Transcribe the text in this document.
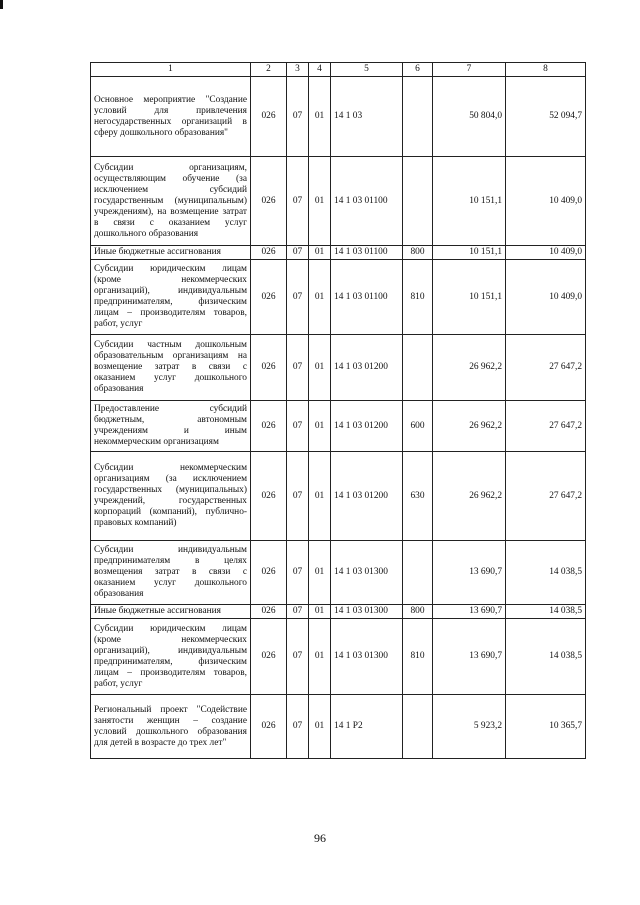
1	2	3	4	5	6	7	8
Основное мероприятие "Создание условий для привлечения негосударственных организаций в сферу дошкольного образования"	026	07	01	14 1 03		50 804,0	52 094,7
Субсидии организациям, осуществляющим обучение (за исключением субсидий государственным (муниципальным) учреждениям), на возмещение затрат в связи с оказанием услуг дошкольного образования	026	07	01	14 1 03 01100		10 151,1	10 409,0
Иные бюджетные ассигнования	026	07	01	14 1 03 01100	800	10 151,1	10 409,0
Субсидии юридическим лицам (кроме некоммерческих организаций), индивидуальным предпринимателям, физическим лицам – производителям товаров, работ, услуг	026	07	01	14 1 03 01100	810	10 151,1	10 409,0
Субсидии частным дошкольным образовательным организациям на возмещение затрат в связи с оказанием услуг дошкольного образования	026	07	01	14 1 03 01200		26 962,2	27 647,2
Предоставление субсидий бюджетным, автономным учреждениям и иным некоммерческим организациям	026	07	01	14 1 03 01200	600	26 962,2	27 647,2
Субсидии некоммерческим организациям (за исключением государственных (муниципальных) учреждений, государственных корпораций (компаний), публично-правовых компаний)	026	07	01	14 1 03 01200	630	26 962,2	27 647,2
Субсидии индивидуальным предпринимателям в целях возмещения затрат в связи с оказанием услуг дошкольного образования	026	07	01	14 1 03 01300		13 690,7	14 038,5
Иные бюджетные ассигнования	026	07	01	14 1 03 01300	800	13 690,7	14 038,5
Субсидии юридическим лицам (кроме некоммерческих организаций), индивидуальным предпринимателям, физическим лицам – производителям товаров, работ, услуг	026	07	01	14 1 03 01300	810	13 690,7	14 038,5
Региональный проект "Содействие занятости женщин – создание условий дошкольного образования для детей в возрасте до трех лет"	026	07	01	14 1 P2		5 923,2	10 365,7
96
